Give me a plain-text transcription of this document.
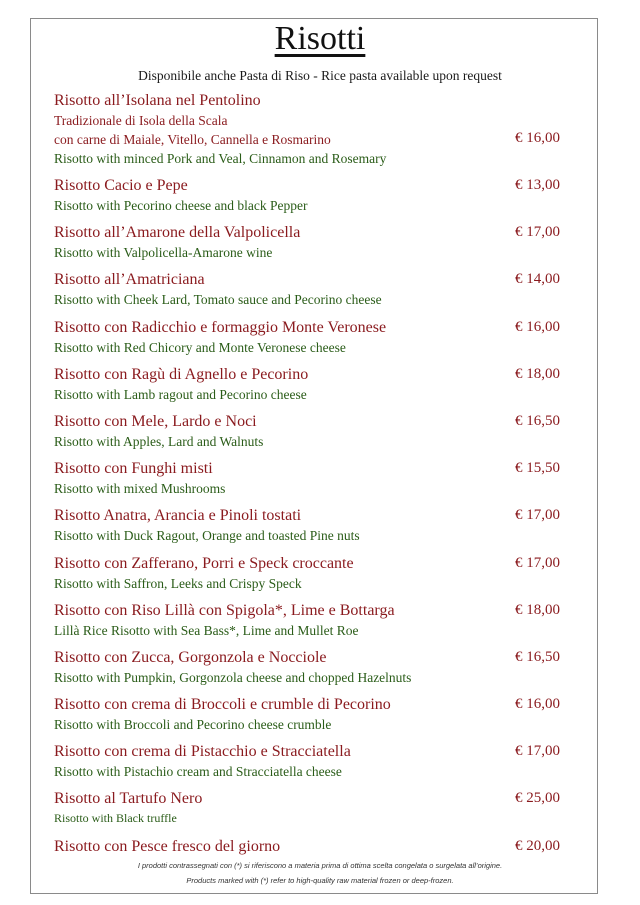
Risotti
Disponibile anche Pasta di Riso - Rice pasta available upon request
Risotto all’Isolana nel Pentolino
Tradizionale di Isola della Scala
con carne di Maiale, Vitello, Cannella e Rosmarino
Risotto with minced Pork and Veal, Cinnamon and Rosemary
€ 16,00
Risotto Cacio e Pepe
Risotto with Pecorino cheese and black Pepper
€ 13,00
Risotto all’Amarone della Valpolicella
Risotto with Valpolicella-Amarone wine
€ 17,00
Risotto all’Amatriciana
Risotto with Cheek Lard, Tomato sauce and Pecorino cheese
€ 14,00
Risotto con Radicchio e formaggio Monte Veronese
Risotto with Red Chicory and Monte Veronese cheese
€ 16,00
Risotto con Ragù di Agnello e Pecorino
Risotto with Lamb ragout and Pecorino cheese
€ 18,00
Risotto con Mele, Lardo e Noci
Risotto with Apples, Lard and Walnuts
€ 16,50
Risotto con Funghi misti
Risotto with mixed Mushrooms
€ 15,50
Risotto Anatra, Arancia e Pinoli tostati
Risotto with Duck Ragout, Orange and toasted Pine nuts
€ 17,00
Risotto con Zafferano, Porri e Speck croccante
Risotto with Saffron, Leeks and Crispy Speck
€ 17,00
Risotto con Riso Lillà con Spigola*, Lime e Bottarga
Lillà Rice Risotto with Sea Bass*, Lime and Mullet Roe
€ 18,00
Risotto con Zucca, Gorgonzola e Nocciole
Risotto with Pumpkin, Gorgonzola cheese and chopped Hazelnuts
€ 16,50
Risotto con crema di Broccoli e crumble di Pecorino
Risotto with Broccoli and Pecorino cheese crumble
€ 16,00
Risotto con crema di Pistacchio e Stracciatella
Risotto with Pistachio cream and Stracciatella cheese
€ 17,00
Risotto al Tartufo Nero
Risotto with Black truffle
€ 25,00
Risotto con Pesce fresco del giorno	€ 20,00
I prodotti contrassegnati con (*) si riferiscono a materia prima di ottima scelta congelata o surgelata all’origine.
Products marked with (*) refer to high-quality raw material frozen or deep-frozen.
